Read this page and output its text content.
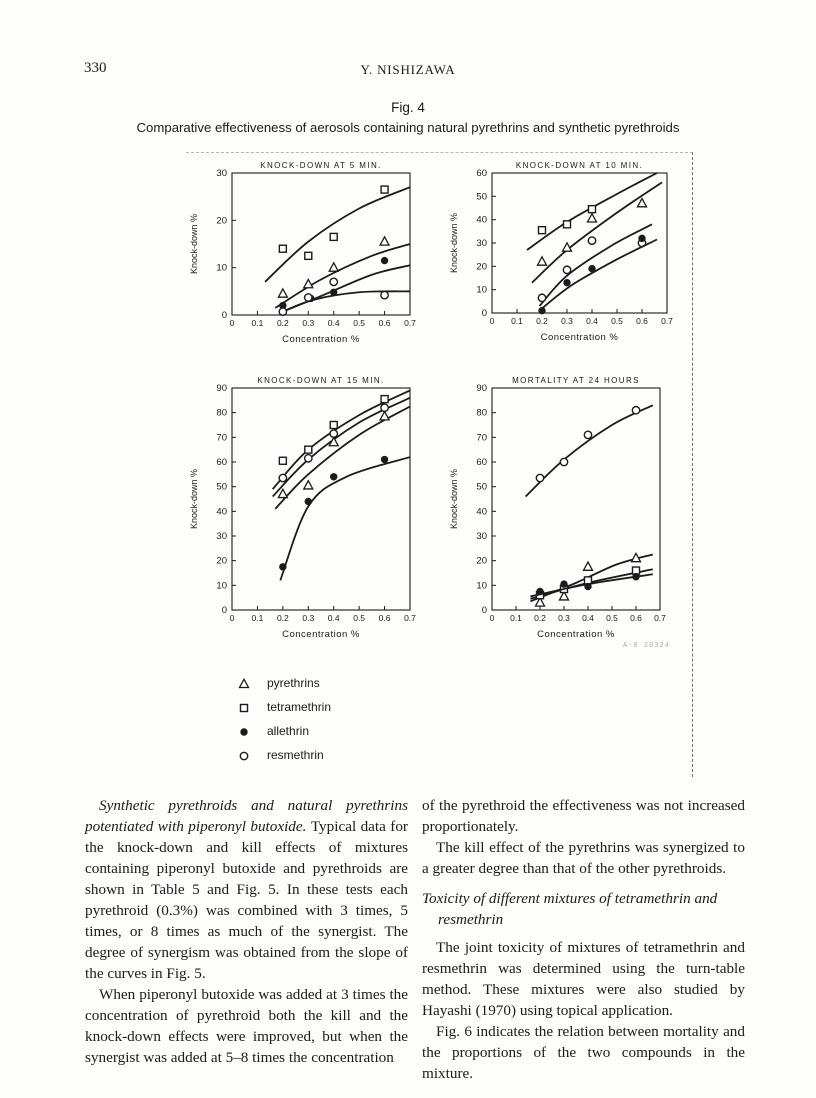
330	Y. NISHIZAWA
Fig. 4
Comparative effectiveness of aerosols containing natural pyrethrins and synthetic pyrethroids
KNOCK-DOWN AT 5 MIN.
0 0.1 0.2 0.3 0.4 0.5 0.6 0.7
Concentration %
0
10
20
30
Knock-down %
KNOCK-DOWN AT 10 MIN.
0 0.1 0.2 0.3 0.4 0.5 0.6 0.7
Concentration %
0
10
20
30
40
50
60
Knock-down %
KNOCK-DOWN AT 15 MIN.
0 0.1 0.2 0.3 0.4 0.5 0.6 0.7
Concentration %
0
10
20
30
40
50
60
70
80
90
Knock-down %
MORTALITY AT 24 HOURS
0 0.1 0.2 0.3 0.4 0.5 0.6 0.7
Concentration %
0
10
20
30
40
50
60
70
80
90
Knock-down %
pyrethrins
tetramethrin
allethrin
resmethrin
A-0 20324

Synthetic pyrethroids and natural pyrethrins potentiated with piperonyl butoxide. Typical data for the knock-down and kill effects of mixtures containing piperonyl butoxide and pyrethroids are shown in Table 5 and Fig. 5. In these tests each pyrethroid (0.3%) was combined with 3 times, 5 times, or 8 times as much of the synergist. The degree of synergism was obtained from the slope of the curves in Fig. 5.

When piperonyl butoxide was added at 3 times the concentration of pyrethroid both the kill and the knock-down effects were improved, but when the synergist was added at 5–8 times the concentration

of the pyrethroid the effectiveness was not increased proportionately.

The kill effect of the pyrethrins was synergized to a greater degree than that of the other pyrethroids.

Toxicity of different mixtures of tetramethrin and resmethrin

The joint toxicity of mixtures of tetramethrin and resmethrin was determined using the turn-table method. These mixtures were also studied by Hayashi (1970) using topical application.

Fig. 6 indicates the relation between mortality and the proportions of the two compounds in the mixture.
